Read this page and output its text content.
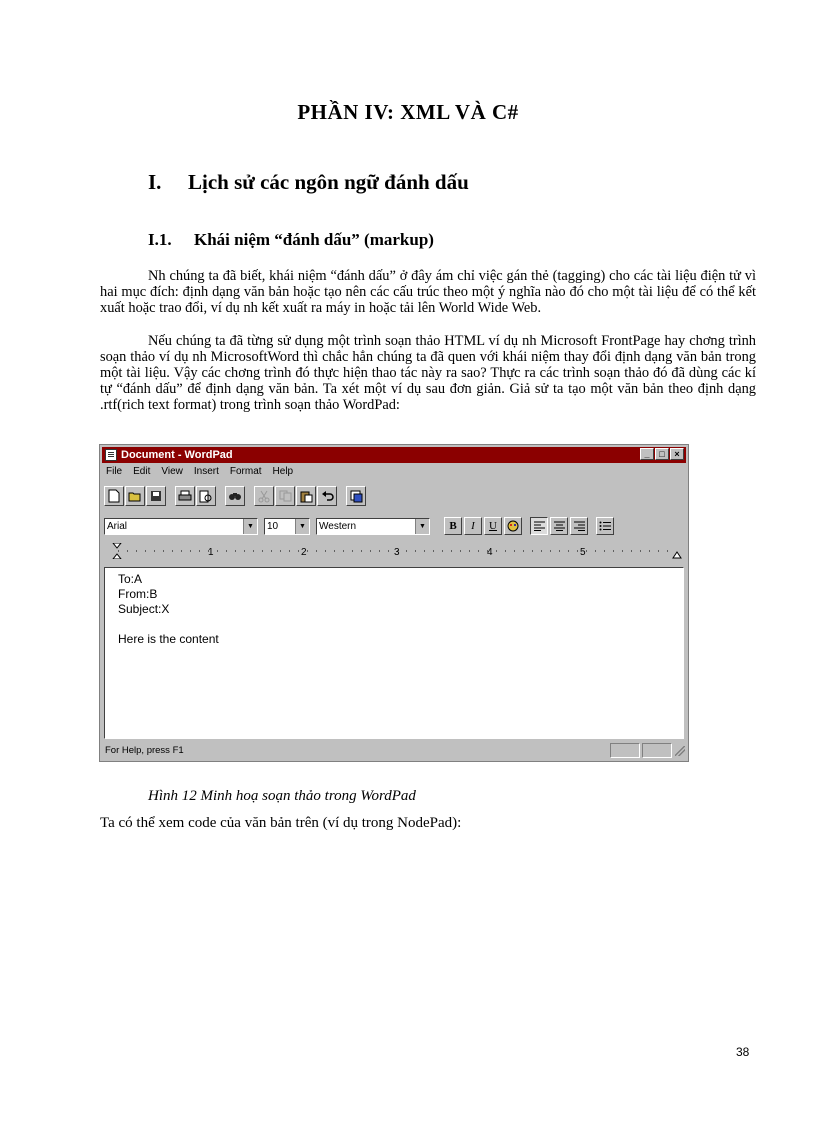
PHẦN IV: XML VÀ C#
I. Lịch sử các ngôn ngữ đánh dấu
I.1. Khái niệm “đánh dấu” (markup)
Nh chúng ta đã biết, khái niệm “đánh dấu” ở đây ám chỉ việc gán thẻ (tagging) cho các tài liệu điện tử vì hai mục đích: định dạng văn bản hoặc tạo nên các cấu trúc theo một ý nghĩa nào đó cho một tài liệu để có thể kết xuất hoặc trao đổi, ví dụ nh kết xuất ra máy in hoặc tải lên World Wide Web.
Nếu chúng ta đã từng sử dụng một trình soạn thảo HTML ví dụ nh Microsoft FrontPage hay chơng trình soạn thảo ví dụ nh MicrosoftWord thì chắc hẳn chúng ta đã quen với khái niệm thay đổi định dạng văn bản trong một tài liệu. Vậy các chơng trình đó thực hiện thao tác này ra sao? Thực ra các trình soạn thảo đó đã dùng các kí tự “đánh dấu” để định dạng văn bản. Ta xét một ví dụ sau đơn giản. Giả sử ta tạo một văn bản theo định dạng .rtf(rich text format) trong trình soạn thảo WordPad:
Document - WordPad	_	□	×
File Edit View Insert Format Help
Arial	▼	10	▼	Western	▼	B	I	U
1	2	3	4	5
To:A
From:B
Subject:X
Here is the content
For Help, press F1
Hình 12 Minh hoạ soạn thảo trong WordPad
Ta có thể xem code của văn bản trên (ví dụ trong NodePad):
38
